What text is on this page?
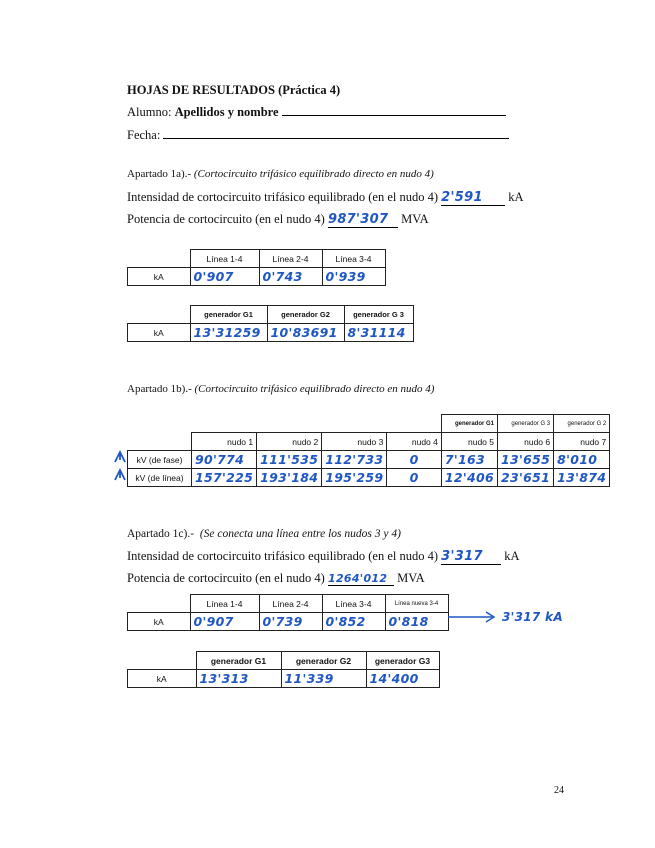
HOJAS DE RESULTADOS (Práctica 4)
Alumno: Apellidos y nombre
Fecha:
Apartado 1a).- (Cortocircuito trifásico equilibrado directo en nudo 4)
Intensidad de cortocircuito trifásico equilibrado (en el nudo 4) 2'591 kA
Potencia de cortocircuito (en el nudo 4) 987'307 MVA
	Línea 1-4	Línea 2-4	Línea 3-4
kA	0'907	0'743	0'939
	generador G1	generador G2	generador G 3
kA	13'31259	10'83691	8'31114
Apartado 1b).- (Cortocircuito trifásico equilibrado directo en nudo 4)
					generador G1	generador G 3	generador G 2
	nudo 1	nudo 2	nudo 3	nudo 4	nudo 5	nudo 6	nudo 7
kV (de fase)	90'774	111'535	112'733	0	7'163	13'655	8'010
kV (de línea)	157'225	193'184	195'259	0	12'406	23'651	13'874
Apartado 1c).- (Se conecta una línea entre los nudos 3 y 4)
Intensidad de cortocircuito trifásico equilibrado (en el nudo 4) 3'317 kA
Potencia de cortocircuito (en el nudo 4) 1264'012 MVA
	Línea 1-4	Línea 2-4	Línea 3-4	Línea nueva 3-4
kA	0'907	0'739	0'852	0'818	3'317 kA
	generador G1	generador G2	generador G3
kA	13'313	11'339	14'400
24
